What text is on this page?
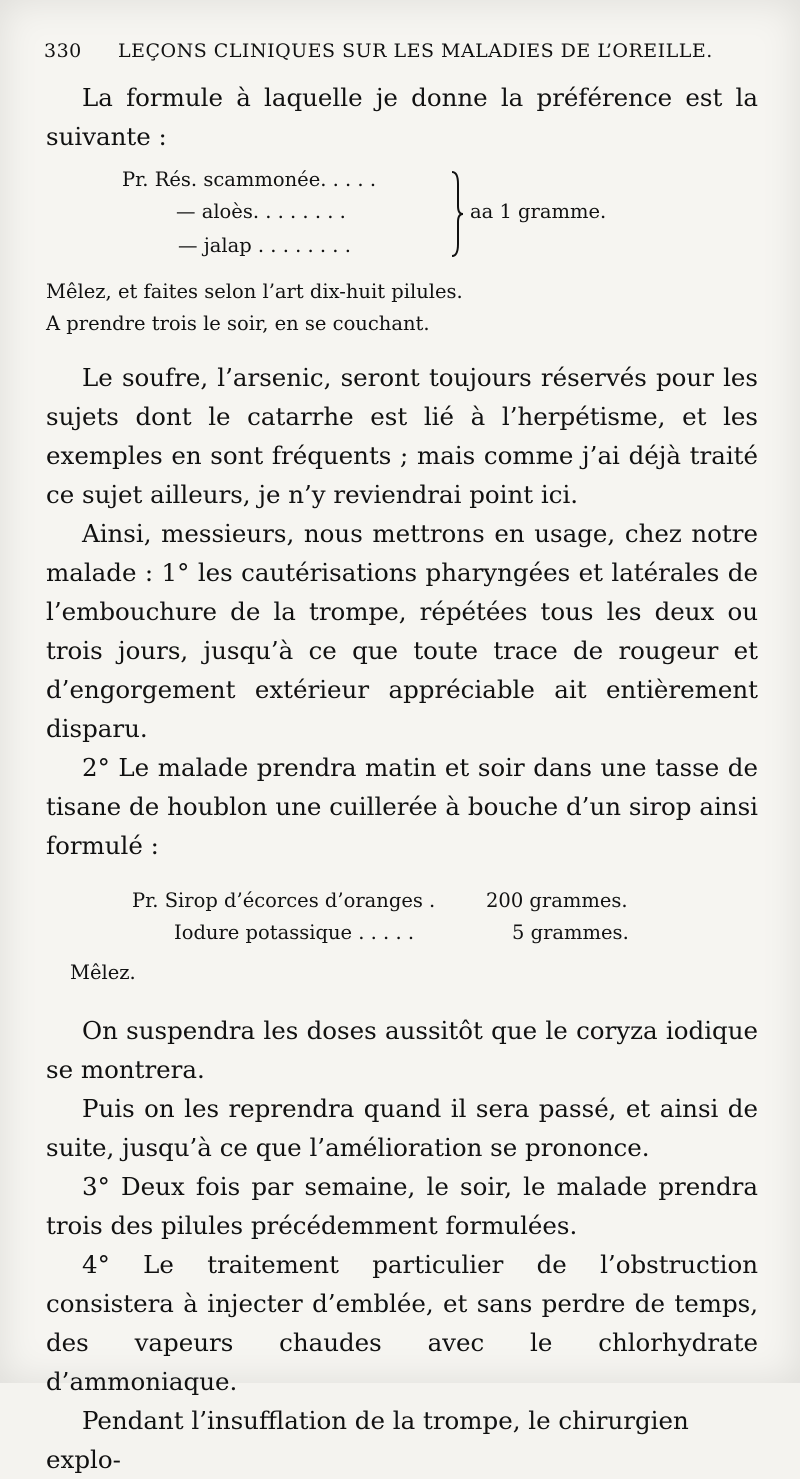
330 LEÇONS CLINIQUES SUR LES MALADIES DE L’OREILLE.

La formule à laquelle je donne la préférence est la suivante :

Pr. Rés. scammonée. . . . .
— aloès. . . . . . . .
— jalap . . . . . . . .
aa 1 gramme.

Mêlez, et faites selon l’art dix-huit pilules.

A prendre trois le soir, en se couchant.

Le soufre, l’arsenic, seront toujours réservés pour les sujets dont le catarrhe est lié à l’herpétisme, et les exemples en sont fréquents ; mais comme j’ai déjà traité ce sujet ailleurs, je n’y reviendrai point ici.

Ainsi, messieurs, nous mettrons en usage, chez notre malade : 1° les cautérisations pharyngées et latérales de l’embouchure de la trompe, répétées tous les deux ou trois jours, jusqu’à ce que toute trace de rougeur et d’engorgement extérieur appréciable ait entièrement disparu.

2° Le malade prendra matin et soir dans une tasse de tisane de houblon une cuillerée à bouche d’un sirop ainsi formulé :

Pr. Sirop d’écorces d’oranges .	200 grammes.
Iodure potassique . . . . .	5 grammes.

Mêlez.

On suspendra les doses aussitôt que le coryza iodique se montrera.

Puis on les reprendra quand il sera passé, et ainsi de suite, jusqu’à ce que l’amélioration se prononce.

3° Deux fois par semaine, le soir, le malade prendra trois des pilules précédemment formulées.

4° Le traitement particulier de l’obstruction consistera à injecter d’emblée, et sans perdre de temps, des vapeurs chaudes avec le chlorhydrate d’ammoniaque.

Pendant l’insufflation de la trompe, le chirurgien explo-
